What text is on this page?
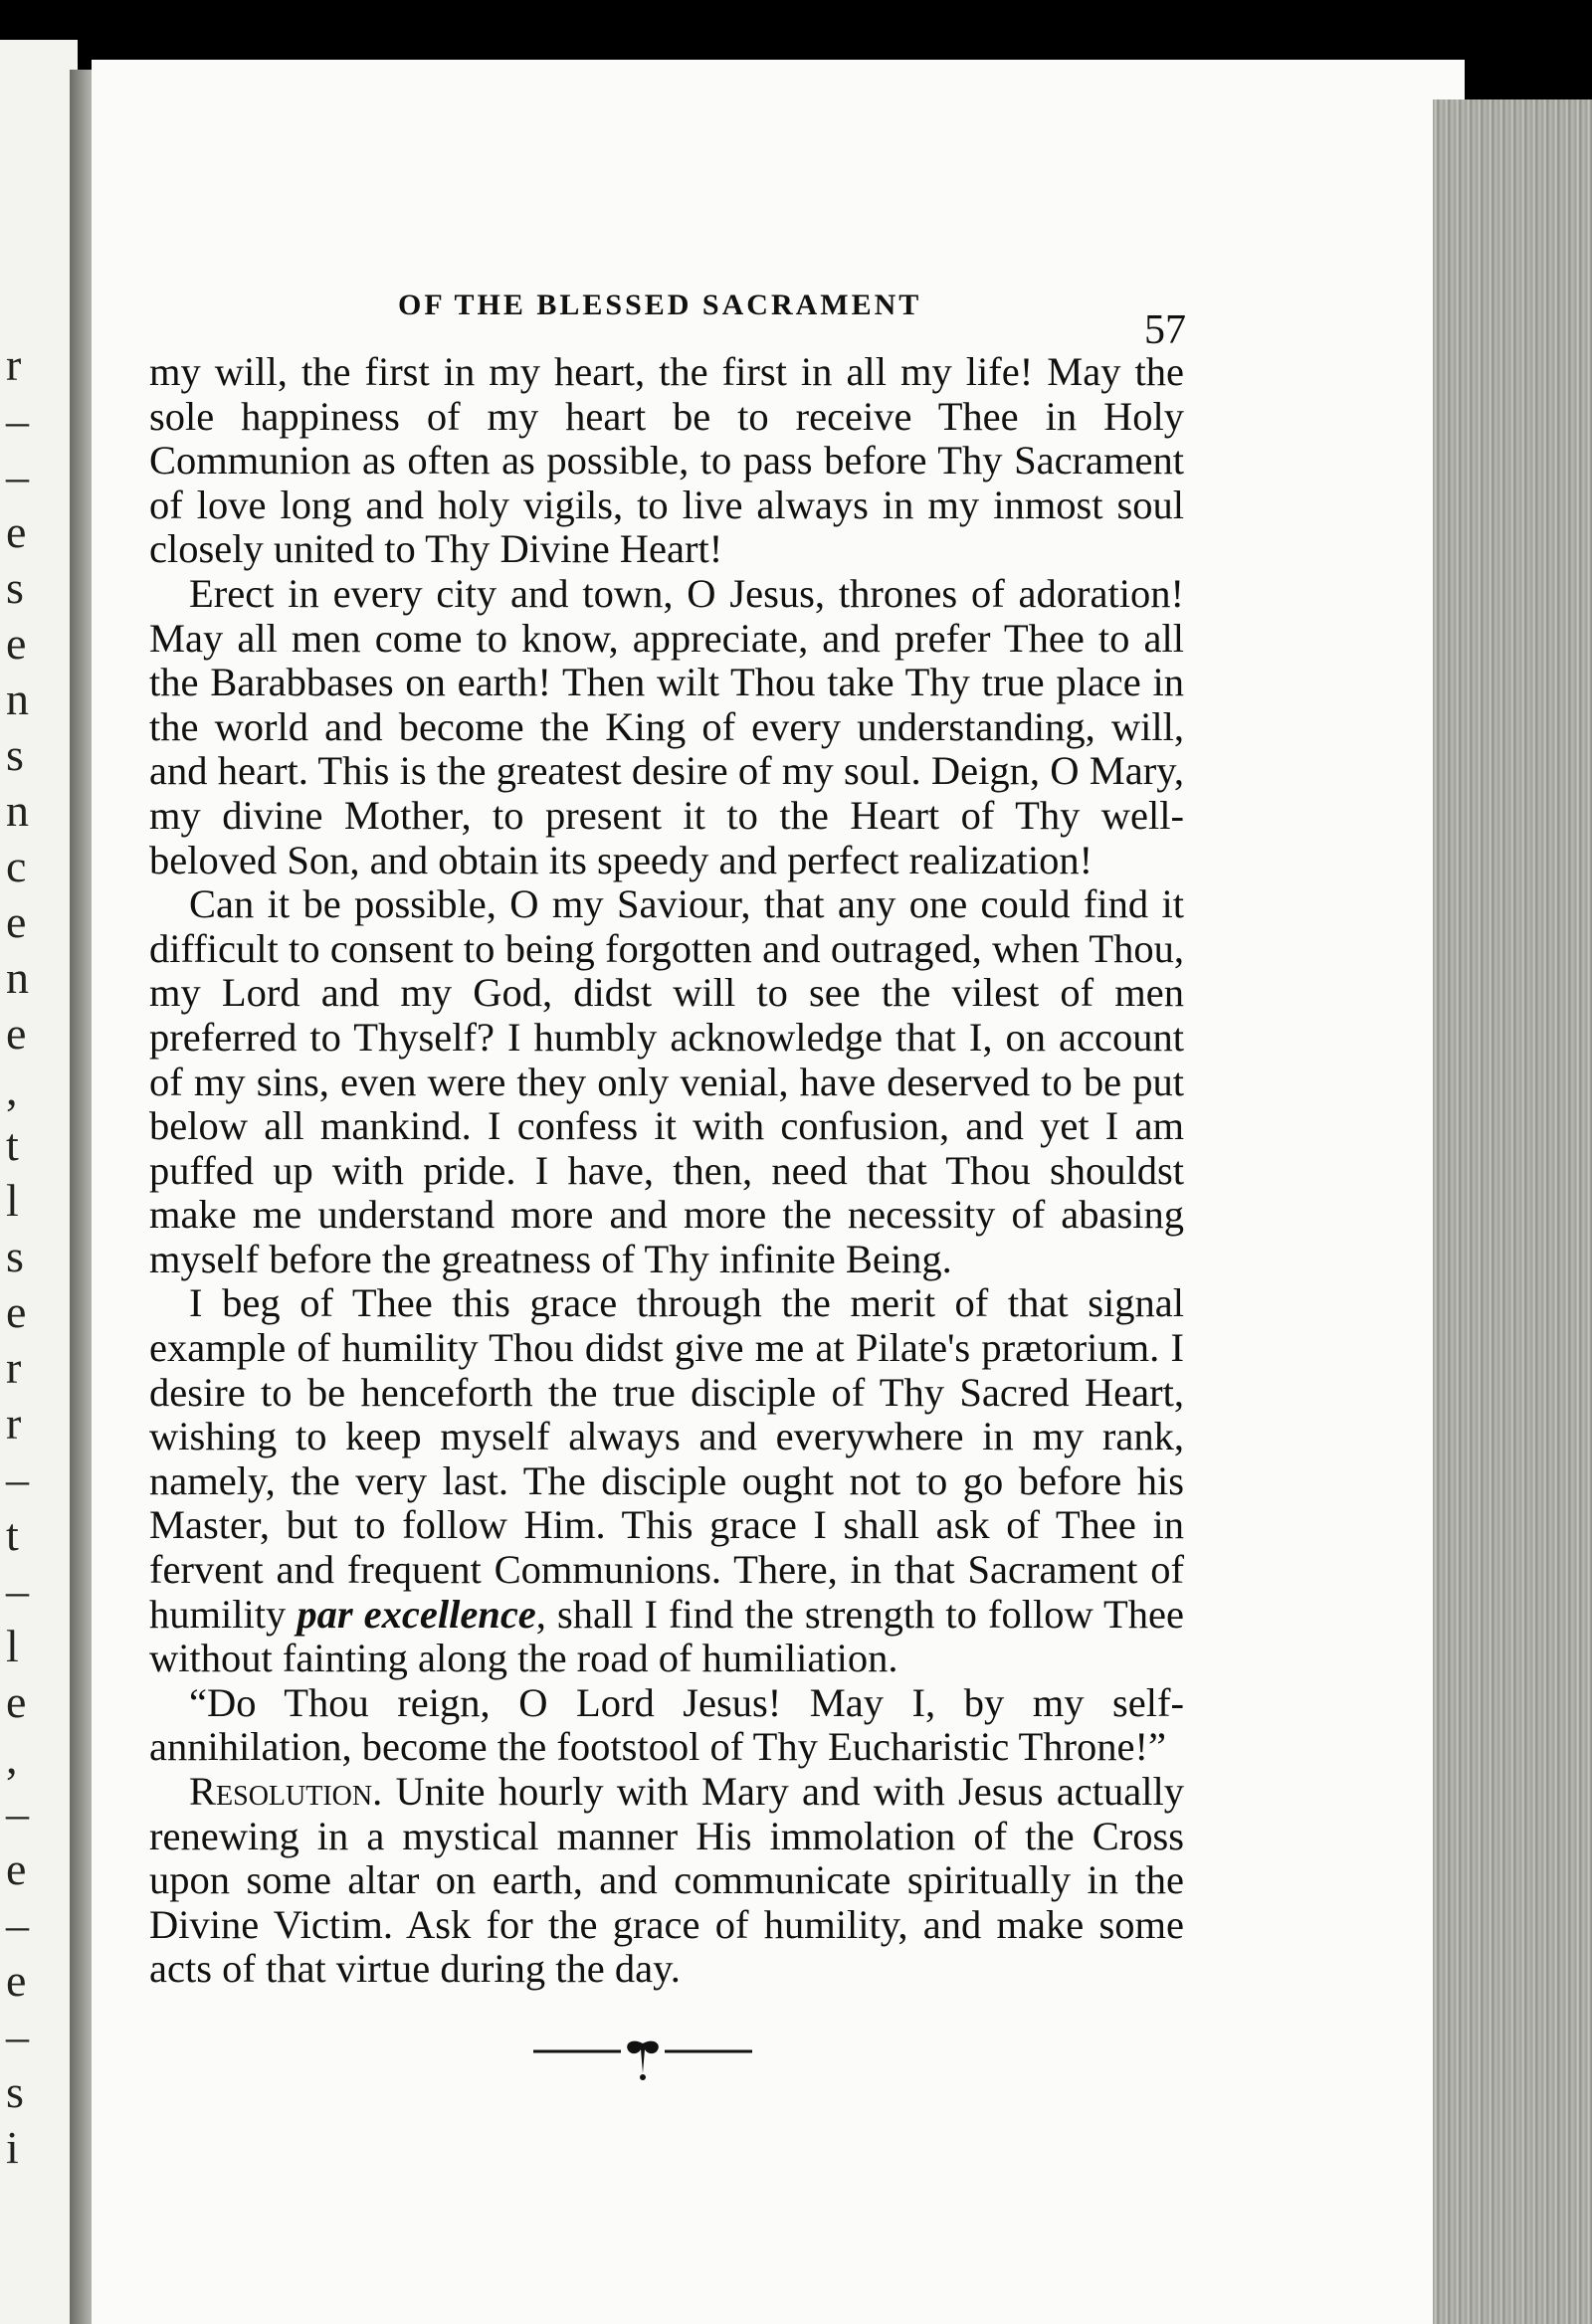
r
–
–
e
s
e
n
s
n
c
e
n
e
,
t
l
s
e
r
r
–
t
–
l
e
,
–
e
–
e
–
s
i
OF THE BLESSED SACRAMENT
57

my will, the first in my heart, the first in all my life! May the sole happiness of my heart be to receive Thee in Holy Communion as often as possible, to pass before Thy Sacrament of love long and holy vigils, to live always in my inmost soul closely united to Thy Divine Heart!

Erect in every city and town, O Jesus, thrones of adoration! May all men come to know, appreciate, and prefer Thee to all the Barabbases on earth! Then wilt Thou take Thy true place in the world and become the King of every understanding, will, and heart. This is the greatest desire of my soul. Deign, O Mary, my divine Mother, to present it to the Heart of Thy well-beloved Son, and obtain its speedy and perfect realization!

Can it be possible, O my Saviour, that any one could find it difficult to consent to being forgotten and outraged, when Thou, my Lord and my God, didst will to see the vilest of men preferred to Thyself? I humbly acknowledge that I, on account of my sins, even were they only venial, have deserved to be put below all mankind. I confess it with confusion, and yet I am puffed up with pride. I have, then, need that Thou shouldst make me understand more and more the necessity of abasing myself before the greatness of Thy infinite Being.

I beg of Thee this grace through the merit of that signal example of humility Thou didst give me at Pilate's prætorium. I desire to be henceforth the true disciple of Thy Sacred Heart, wishing to keep myself always and everywhere in my rank, namely, the very last. The disciple ought not to go before his Master, but to follow Him. This grace I shall ask of Thee in fervent and frequent Communions. There, in that Sacrament of humility par excellence, shall I find the strength to follow Thee without fainting along the road of humiliation.

“Do Thou reign, O Lord Jesus! May I, by my self-annihilation, become the footstool of Thy Eucharistic Throne!”

Resolution. Unite hourly with Mary and with Jesus actually renewing in a mystical manner His immolation of the Cross upon some altar on earth, and communicate spiritually in the Divine Victim. Ask for the grace of humility, and make some acts of that virtue during the day.
